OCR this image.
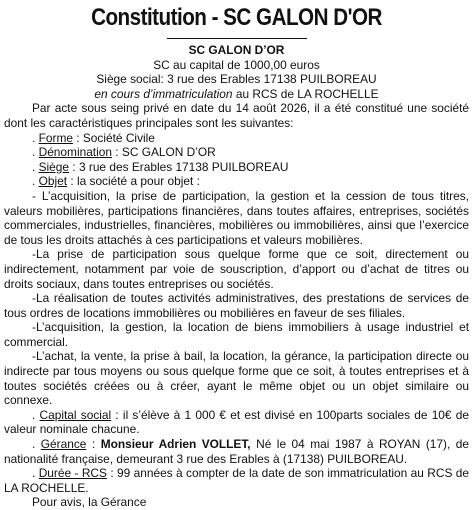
Constitution - SC GALON D'OR

SC GALON D’OR

SC au capital de 1000,00 euros

Siège social: 3 rue des Erables 17138 PUILBOREAU

en cours d’immatriculation au RCS de LA ROCHELLE

Par acte sous seing privé en date du 14 août 2026, il a été constitué une société dont les caractéristiques principales sont les suivantes:

. Forme : Société Civile

. Dénomination : SC GALON D’OR

. Siège : 3 rue des Erables 17138 PUILBOREAU

. Objet : la société a pour objet :

- L’acquisition, la prise de participation, la gestion et la cession de tous titres, valeurs mobilières, participations financières, dans toutes affaires, entreprises, sociétés commerciales, industrielles, financières, mobilières ou immobilières, ainsi que l’exercice de tous les droits attachés à ces participations et valeurs mobilières.

-La prise de participation sous quelque forme que ce soit, directement ou indirectement, notamment par voie de souscription, d’apport ou d’achat de titres ou droits sociaux, dans toutes entreprises ou sociétés.

-La réalisation de toutes activités administratives, des prestations de services de tous ordres de locations immobilières ou mobilières en faveur de ses filiales.

-L’acquisition, la gestion, la location de biens immobiliers à usage industriel et commercial.

-L’achat, la vente, la prise à bail, la location, la gérance, la participation directe ou indirecte par tous moyens ou sous quelque forme que ce soit, à toutes entreprises et à toutes sociétés créées ou à créer, ayant le même objet ou un objet similaire ou connexe.

. Capital social : il s’élève à 1 000 € et est divisé en 100parts sociales de 10€ de valeur nominale chacune.

. Gérance : Monsieur Adrien VOLLET, Né le 04 mai 1987 à ROYAN (17), de nationalité française, demeurant 3 rue des Erables à (17138) PUILBOREAU.

. Durée - RCS : 99 années à compter de la date de son immatriculation au RCS de LA ROCHELLE.

Pour avis, la Gérance
